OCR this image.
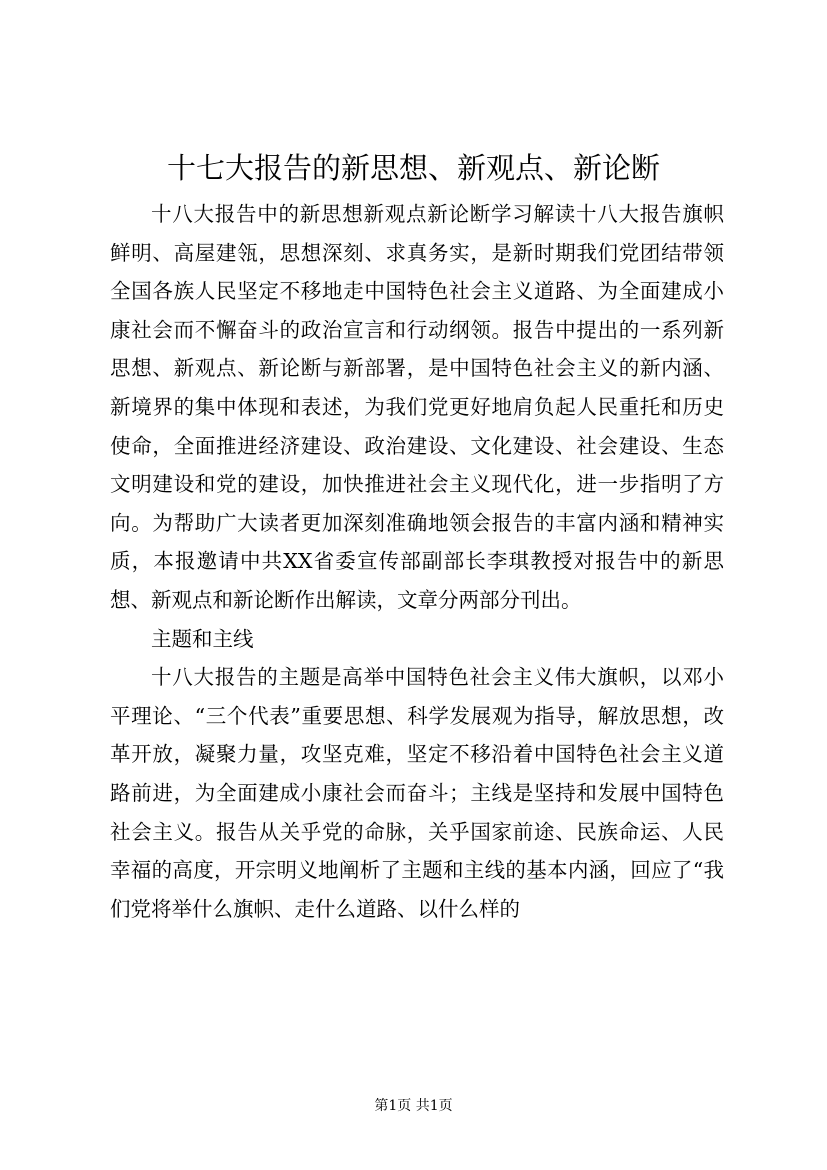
十七大报告的新思想、新观点、新论断

十八大报告中的新思想新观点新论断学习解读十八大报告旗帜鲜明、高屋建瓴，思想深刻、求真务实，是新时期我们党团结带领全国各族人民坚定不移地走中国特色社会主义道路、为全面建成小康社会而不懈奋斗的政治宣言和行动纲领。报告中提出的一系列新思想、新观点、新论断与新部署，是中国特色社会主义的新内涵、新境界的集中体现和表述，为我们党更好地肩负起人民重托和历史使命，全面推进经济建设、政治建设、文化建设、社会建设、生态文明建设和党的建设，加快推进社会主义现代化，进一步指明了方向。为帮助广大读者更加深刻准确地领会报告的丰富内涵和精神实质，本报邀请中共XX省委宣传部副部长李琪教授对报告中的新思想、新观点和新论断作出解读，文章分两部分刊出。

主题和主线

十八大报告的主题是高举中国特色社会主义伟大旗帜，以邓小平理论、“三个代表”重要思想、科学发展观为指导，解放思想，改革开放，凝聚力量，攻坚克难，坚定不移沿着中国特色社会主义道路前进，为全面建成小康社会而奋斗；主线是坚持和发展中国特色社会主义。报告从关乎党的命脉，关乎国家前途、民族命运、人民幸福的高度，开宗明义地阐析了主题和主线的基本内涵，回应了“我们党将举什么旗帜、走什么道路、以什么样的

第1页 共1页
